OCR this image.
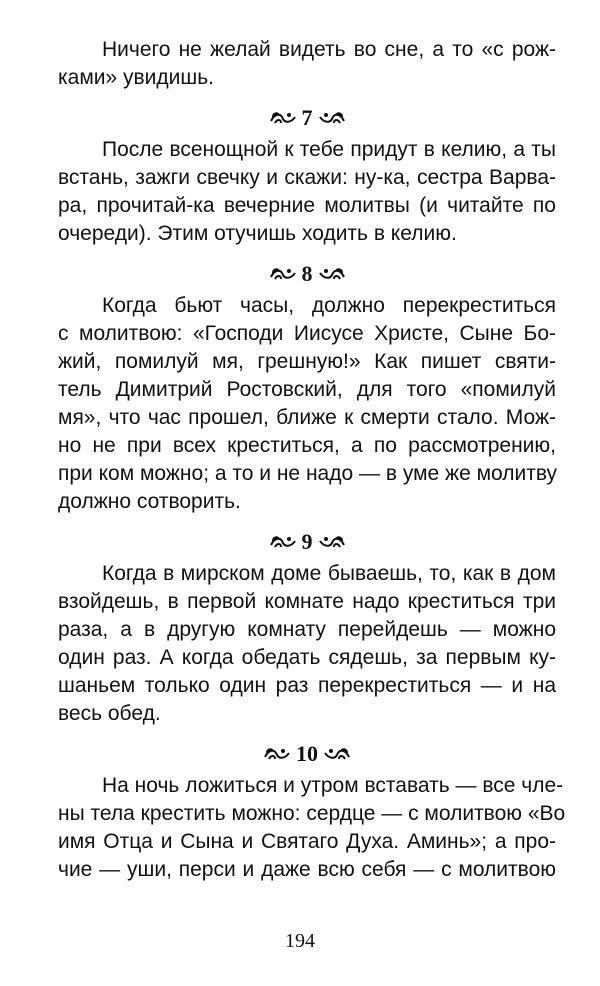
Ничего не желай видеть во сне, а то «с рож-
ками» увидишь.
7
После всенощной к тебе придут в келию, а ты
встань, зажги свечку и скажи: ну-ка, сестра Варва-
ра, прочитай-ка вечерние молитвы (и читайте по
очереди). Этим отучишь ходить в келию.
8
Когда бьют часы, должно перекреститься
с молитвою: «Господи Иисусе Христе, Сыне Бо-
жий, помилуй мя, грешную!» Как пишет святи-
тель Димитрий Ростовский, для того «помилуй
мя», что час прошел, ближе к смерти стало. Мож-
но не при всех креститься, а по рассмотрению,
при ком можно; а то и не надо — в уме же молитву
должно сотворить.
9
Когда в мирском доме бываешь, то, как в дом
взойдешь, в первой комнате надо креститься три
раза, а в другую комнату перейдешь — можно
один раз. А когда обедать сядешь, за первым ку-
шаньем только один раз перекреститься — и на
весь обед.
10
На ночь ложиться и утром вставать — все чле-
ны тела крестить можно: сердце — с молитвою «Во
имя Отца и Сына и Святаго Духа. Аминь»; а про-
чие — уши, перси и даже всю себя — с молитвою
194
